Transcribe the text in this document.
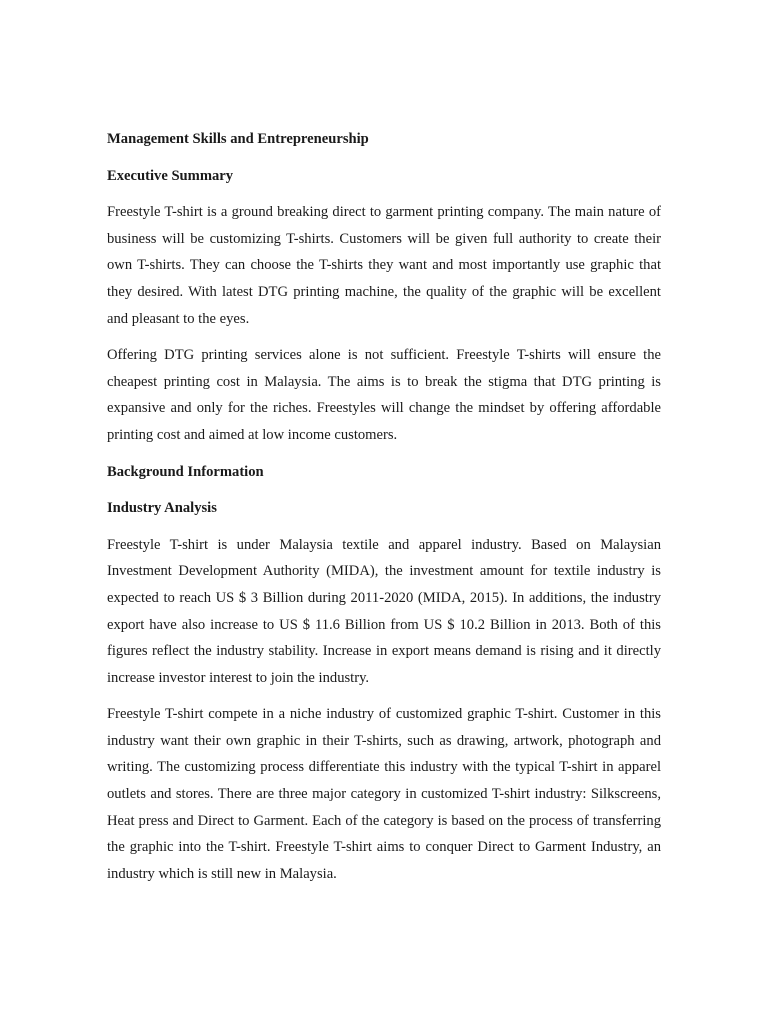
Management Skills and Entrepreneurship
Executive Summary

Freestyle T-shirt is a ground breaking direct to garment printing company. The main nature of business will be customizing T-shirts. Customers will be given full authority to create their own T-shirts. They can choose the T-shirts they want and most importantly use graphic that they desired. With latest DTG printing machine, the quality of the graphic will be excellent and pleasant to the eyes.

Offering DTG printing services alone is not sufficient. Freestyle T-shirts will ensure the cheapest printing cost in Malaysia. The aims is to break the stigma that DTG printing is expansive and only for the riches. Freestyles will change the mindset by offering affordable printing cost and aimed at low income customers.

Background Information
Industry Analysis

Freestyle T-shirt is under Malaysia textile and apparel industry. Based on Malaysian Investment Development Authority (MIDA), the investment amount for textile industry is expected to reach US $ 3 Billion during 2011-2020 (MIDA, 2015). In additions, the industry export have also increase to US $ 11.6 Billion from US $ 10.2 Billion in 2013. Both of this figures reflect the industry stability. Increase in export means demand is rising and it directly increase investor interest to join the industry.

Freestyle T-shirt compete in a niche industry of customized graphic T-shirt. Customer in this industry want their own graphic in their T-shirts, such as drawing, artwork, photograph and writing. The customizing process differentiate this industry with the typical T-shirt in apparel outlets and stores. There are three major category in customized T-shirt industry: Silkscreens, Heat press and Direct to Garment. Each of the category is based on the process of transferring the graphic into the T-shirt. Freestyle T-shirt aims to conquer Direct to Garment Industry, an industry which is still new in Malaysia.
